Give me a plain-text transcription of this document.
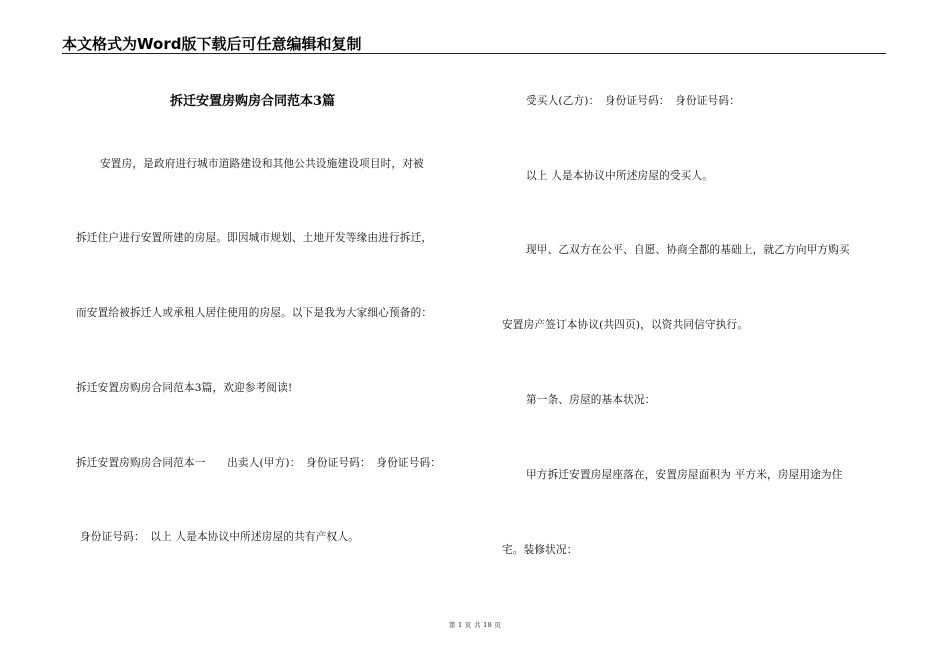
本文格式为Word版下载后可任意编辑和复制
拆迁安置房购房合同范本3篇
安置房，是政府进行城市道路建设和其他公共设施建设项目时，对被
拆迁住户进行安置所建的房屋。即因城市规划、土地开发等缘由进行拆迁，
而安置给被拆迁人或承租人居住使用的房屋。以下是我为大家细心预备的：
拆迁安置房购房合同范本3篇，欢迎参考阅读!
拆迁安置房购房合同范本一　　出卖人(甲方)：　身份证号码：　身份证号码：
身份证号码：　以上 人是本协议中所述房屋的共有产权人。
受买人(乙方)：　身份证号码：　身份证号码：
以上 人是本协议中所述房屋的受买人。
现甲、乙双方在公平、自愿、协商全都的基础上，就乙方向甲方购买
安置房产签订本协议(共四页)，以资共同信守执行。
第一条、房屋的基本状况：
甲方拆迁安置房屋座落在，安置房屋面积为 平方米，房屋用途为住
宅。装修状况：
第 1 页 共 18 页
